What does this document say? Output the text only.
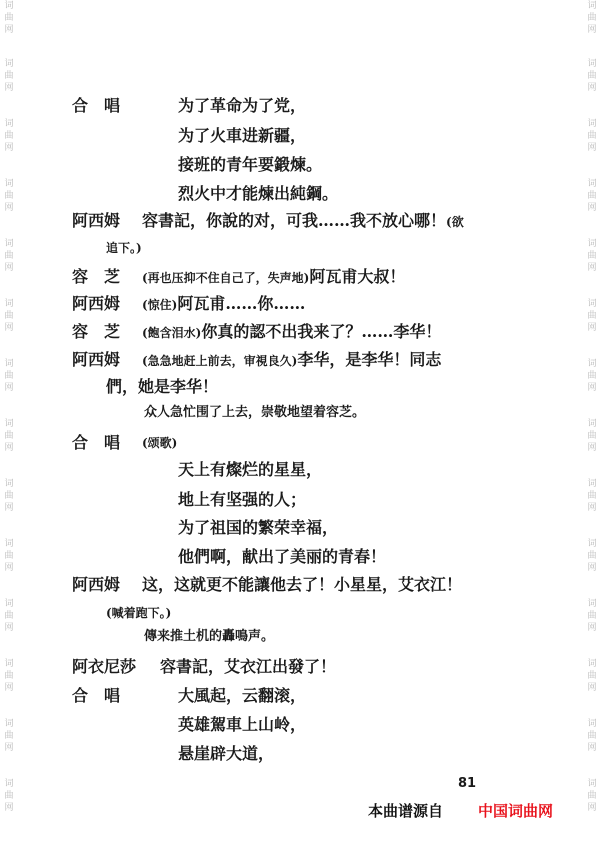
词曲网
词曲网
词曲网
词曲网
词曲网
词曲网
词曲网
词曲网
词曲网
词曲网
词曲网
词曲网
词曲网
词曲网
词曲网
词曲网
词曲网
词曲网
词曲网
词曲网
词曲网
词曲网
词曲网
词曲网
词曲网
词曲网
词曲网
词曲网
合　唱	为了革命为了党，
为了火車进新疆，
接班的青年要鍛煉。
烈火中才能煉出純鋼。
阿西姆 容書記，你說的对，可我……我不放心哪！(欲
追下。)
容　芝 (再也压抑不住自己了，失声地)阿瓦甫大叔！
阿西姆 (惊住)阿瓦甫……你……
容　芝 (飽含泪水)你真的認不出我来了？……李华！
阿西姆 (急急地赶上前去，审視良久)李华，是李华！同志
們，她是李华！
众人急忙围了上去，崇敬地望着容芝。
合　唱 (颂歌)
天上有燦烂的星星，
地上有坚强的人；
为了祖国的繁荣幸福，
他們啊，献出了美丽的青春！
阿西姆 这，这就更不能讓他去了！小星星，艾衣江！
(喊着跑下。)
傳来推土机的轟鳴声。
阿衣尼莎 容書記，艾衣江出發了！
合　唱	大風起，云翻滚，
英雄駕車上山岭，
悬崖辟大道，
81
本曲谱源自 中国词曲网
